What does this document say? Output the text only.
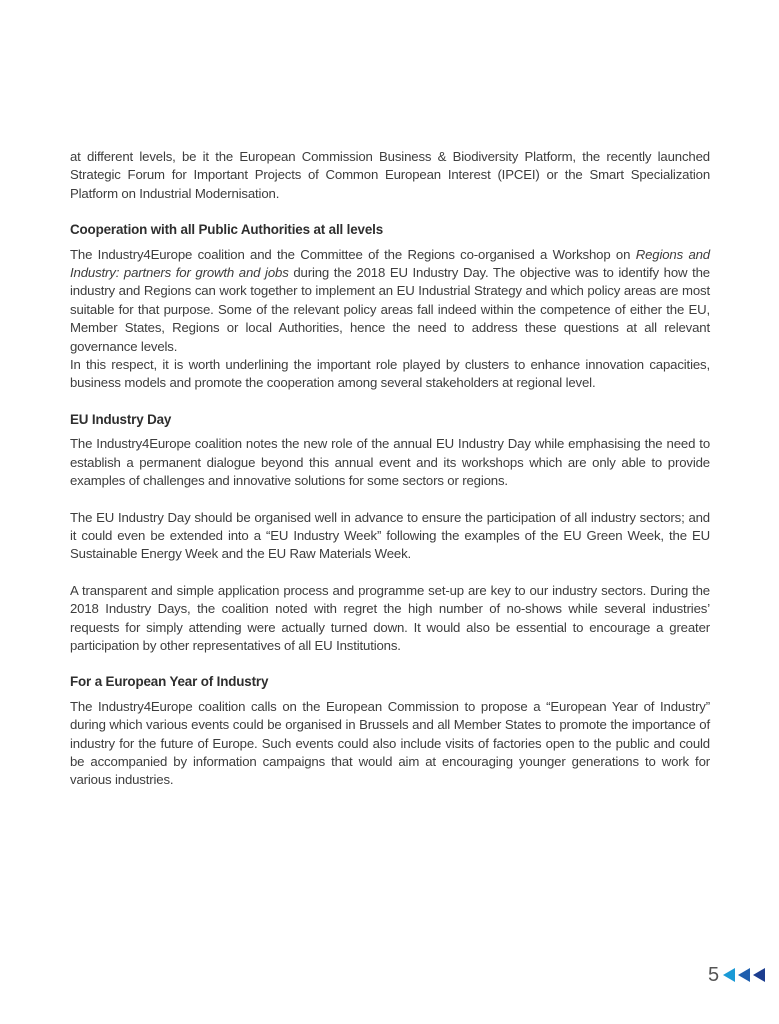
at different levels, be it the European Commission Business & Biodiversity Platform, the recently launched Strategic Forum for Important Projects of Common European Interest (IPCEI) or the Smart Specialization Platform on Industrial Modernisation.

Cooperation with all Public Authorities at all levels

The Industry4Europe coalition and the Committee of the Regions co-organised a Workshop on Regions and Industry: partners for growth and jobs during the 2018 EU Industry Day. The objective was to identify how the industry and Regions can work together to implement an EU Industrial Strategy and which policy areas are most suitable for that purpose. Some of the relevant policy areas fall indeed within the competence of either the EU, Member States, Regions or local Authorities, hence the need to address these questions at all relevant governance levels.

In this respect, it is worth underlining the important role played by clusters to enhance innovation capacities, business models and promote the cooperation among several stakeholders at regional level.

EU Industry Day

The Industry4Europe coalition notes the new role of the annual EU Industry Day while emphasising the need to establish a permanent dialogue beyond this annual event and its workshops which are only able to provide examples of challenges and innovative solutions for some sectors or regions.

The EU Industry Day should be organised well in advance to ensure the participation of all industry sectors; and it could even be extended into a “EU Industry Week” following the examples of the EU Green Week, the EU Sustainable Energy Week and the EU Raw Materials Week.

A transparent and simple application process and programme set-up are key to our industry sectors. During the 2018 Industry Days, the coalition noted with regret the high number of no-shows while several industries’ requests for simply attending were actually turned down. It would also be essential to encourage a greater participation by other representatives of all EU Institutions.

For a European Year of Industry

The Industry4Europe coalition calls on the European Commission to propose a “European Year of Industry” during which various events could be organised in Brussels and all Member States to promote the importance of industry for the future of Europe. Such events could also include visits of factories open to the public and could be accompanied by information campaigns that would aim at encouraging younger generations to work for various industries.

5
